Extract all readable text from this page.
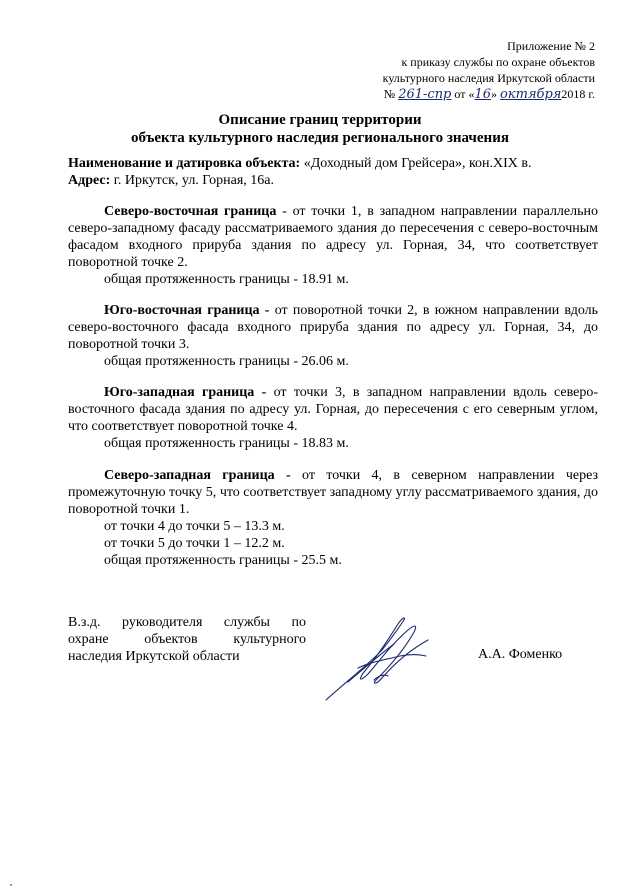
Приложение № 2
к приказу службы по охране объектов
культурного наследия Иркутской области
№ 261-спр от «16» октября2018 г.
Описание границ территории
объекта культурного наследия регионального значения
Наименование и датировка объекта: «Доходный дом Грейсера», кон.XIX в.
Адрес: г. Иркутск, ул. Горная, 16а.
Северо-восточная граница - от точки 1, в западном направлении параллельно северо-западному фасаду рассматриваемого здания до пересечения с северо-восточным фасадом входного прируба здания по адресу ул. Горная, 34, что соответствует поворотной точке 2.
общая протяженность границы - 18.91 м.
Юго-восточная граница - от поворотной точки 2, в южном направлении вдоль северо-восточного фасада входного прируба здания по адресу ул. Горная, 34, до поворотной точки 3.
общая протяженность границы - 26.06 м.
Юго-западная граница - от точки 3, в западном направлении вдоль северо-восточного фасада здания по адресу ул. Горная, до пересечения с его северным углом, что соответствует поворотной точке 4.
общая протяженность границы - 18.83 м.
Северо-западная граница - от точки 4, в северном направлении через промежуточную точку 5, что соответствует западному углу рассматриваемого здания, до поворотной точки 1.
от точки 4 до точки 5 – 13.3 м.
от точки 5 до точки 1 – 12.2 м.
общая протяженность границы - 25.5 м.
В.з.д. руководителя службы по
охране объектов культурного
наследия Иркутской области	А.А. Фоменко
